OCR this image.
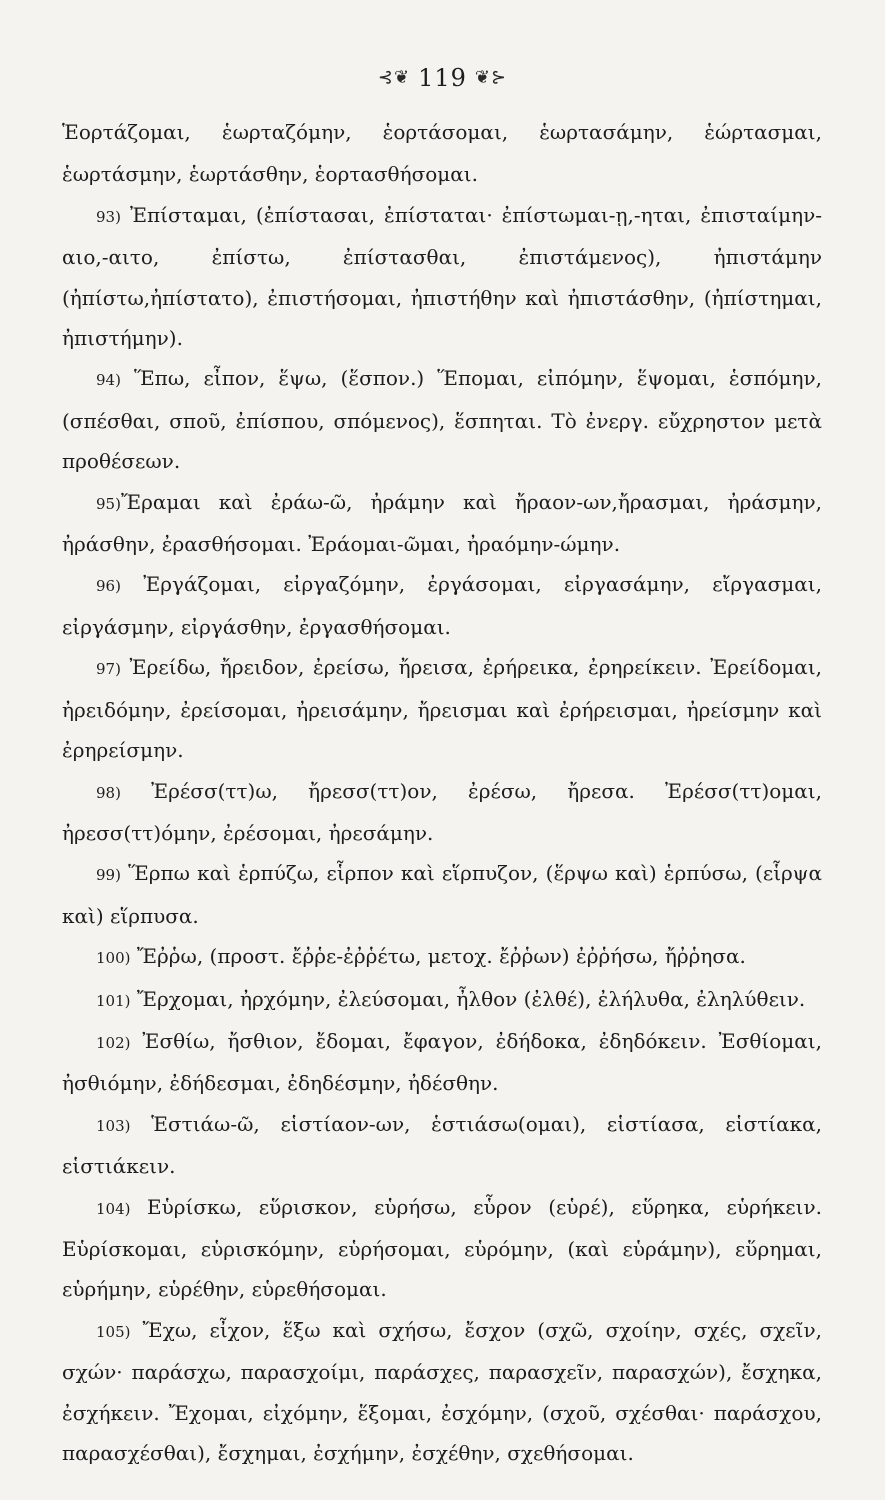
⊰❦ 119 ❦⊱

Ἑορτάζομαι, ἑωρταζόμην, ἑορτάσομαι, ἑωρτασάμην, ἑώρτασμαι, ἑωρτάσμην, ἑωρτάσθην, ἑορτασθήσομαι.

93) Ἐπίσταμαι, (ἐπίστασαι, ἐπίσταται· ἐπίστωμαι-ῃ,-ηται, ἐπισταίμην-αιο,-αιτο, ἐπίστω, ἐπίστασθαι, ἐπιστάμενος), ἠπιστάμην (ἠπίστω,ἠπίστατο), ἐπιστήσομαι, ἠπιστήθην καὶ ἠπιστάσθην, (ἠπίστημαι, ἠπιστήμην).

94) Ἕπω, εἶπον, ἕψω, (ἕσπον.) Ἕπομαι, εἰπόμην, ἕψομαι, ἑσπόμην, (σπέσθαι, σποῦ, ἐπίσπου, σπόμενος), ἕσπηται. Τὸ ἐνεργ. εὔχρηστον μετὰ προθέσεων.

95)Ἔραμαι καὶ ἐράω-ῶ, ἠράμην καὶ ἤραον-ων,ἤρασμαι, ἠράσμην, ἠράσθην, ἐρασθήσομαι. Ἐράομαι-ῶμαι, ἠραόμην-ώμην.

96) Ἐργάζομαι, εἰργαζόμην, ἐργάσομαι, εἰργασάμην, εἴργασμαι, εἰργάσμην, εἰργάσθην, ἐργασθήσομαι.

97) Ἐρείδω, ἤρειδον, ἐρείσω, ἤρεισα, ἐρήρεικα, ἐρηρείκειν. Ἐρείδομαι, ἠρειδόμην, ἐρείσομαι, ἠρεισάμην, ἤρεισμαι καὶ ἐρήρεισμαι, ἠρείσμην καὶ ἐρηρείσμην.

98) Ἐρέσσ(ττ)ω, ἤρεσσ(ττ)ον, ἐρέσω, ἤρεσα. Ἐρέσσ(ττ)ομαι, ἠρεσσ(ττ)όμην, ἐρέσομαι, ἠρεσάμην.

99) Ἕρπω καὶ ἑρπύζω, εἷρπον καὶ εἵρπυζον, (ἕρψω καὶ) ἑρπύσω, (εἷρψα καὶ) εἵρπυσα.

100) Ἔῤῥω, (προστ. ἔῤῥε-ἐῤῥέτω, μετοχ. ἔῤῥων) ἐῤῥήσω, ἤῤῥησα.

101) Ἔρχομαι, ἠρχόμην, ἐλεύσομαι, ἦλθον (ἐλθέ), ἐλήλυθα, ἐληλύθειν.

102) Ἐσθίω, ἤσθιον, ἔδομαι, ἔφαγον, ἐδήδοκα, ἐδηδόκειν. Ἐσθίομαι, ἠσθιόμην, ἐδήδεσμαι, ἐδηδέσμην, ἠδέσθην.

103) Ἑστιάω-ῶ, εἱστίαον-ων, ἑστιάσω(ομαι), εἱστίασα, εἱστίακα, εἱστιάκειν.

104) Εὑρίσκω, εὕρισκον, εὑρήσω, εὗρον (εὑρέ), εὕρηκα, εὑρήκειν. Εὑρίσκομαι, εὑρισκόμην, εὑρήσομαι, εὑρόμην, (καὶ εὑράμην), εὕρημαι, εὑρήμην, εὑρέθην, εὑρεθήσομαι.

105) Ἔχω, εἶχον, ἕξω καὶ σχήσω, ἔσχον (σχῶ, σχοίην, σχές, σχεῖν, σχών· παράσχω, παρασχοίμι, παράσχες, παρασχεῖν, παρασχών), ἔσχηκα, ἐσχήκειν. Ἔχομαι, εἰχόμην, ἕξομαι, ἐσχόμην, (σχοῦ, σχέσθαι· παράσχου, παρασχέσθαι), ἔσχημαι, ἐσχήμην, ἐσχέθην, σχεθήσομαι.
